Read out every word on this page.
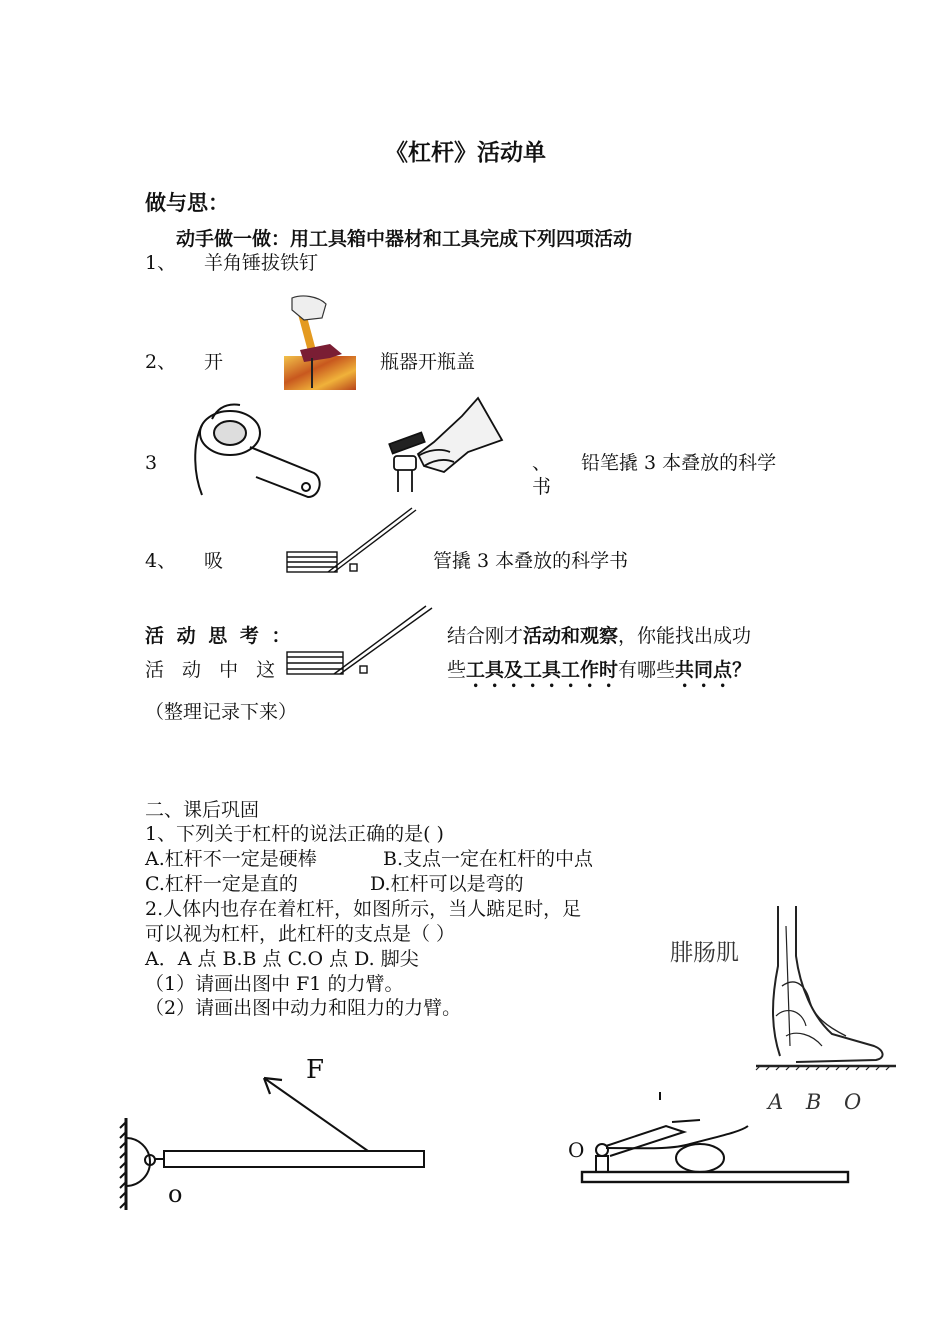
《杠杆》活动单
做与思：
动手做一做：用工具箱中器材和工具完成下列四项活动
1、 羊角锤拔铁钉
2、 开	瓶器开瓶盖
3	、 铅笔撬 3 本叠放的科学
书
4、 吸	管撬 3 本叠放的科学书
活 动 思 考 ：
活 动 中 这
结合刚才活动和观察，你能找出成功
些工具及工具工作时有哪些共同点？
（整理记录下来）
二、课后巩固
1、下列关于杠杆的说法正确的是( )
A.杠杆不一定是硬棒	B.支点一定在杠杆的中点
C.杠杆一定是直的	D.杠杆可以是弯的
2.人体内也存在着杠杆，如图所示，当人踮足时，足
可以视为杠杆，此杠杆的支点是（ ）
A．A 点 B.B 点 C.O 点 D. 脚尖
（1）请画出图中 F1 的力臂。
（2）请画出图中动力和阻力的力臂。
腓肠肌
A B O
F
o
O
